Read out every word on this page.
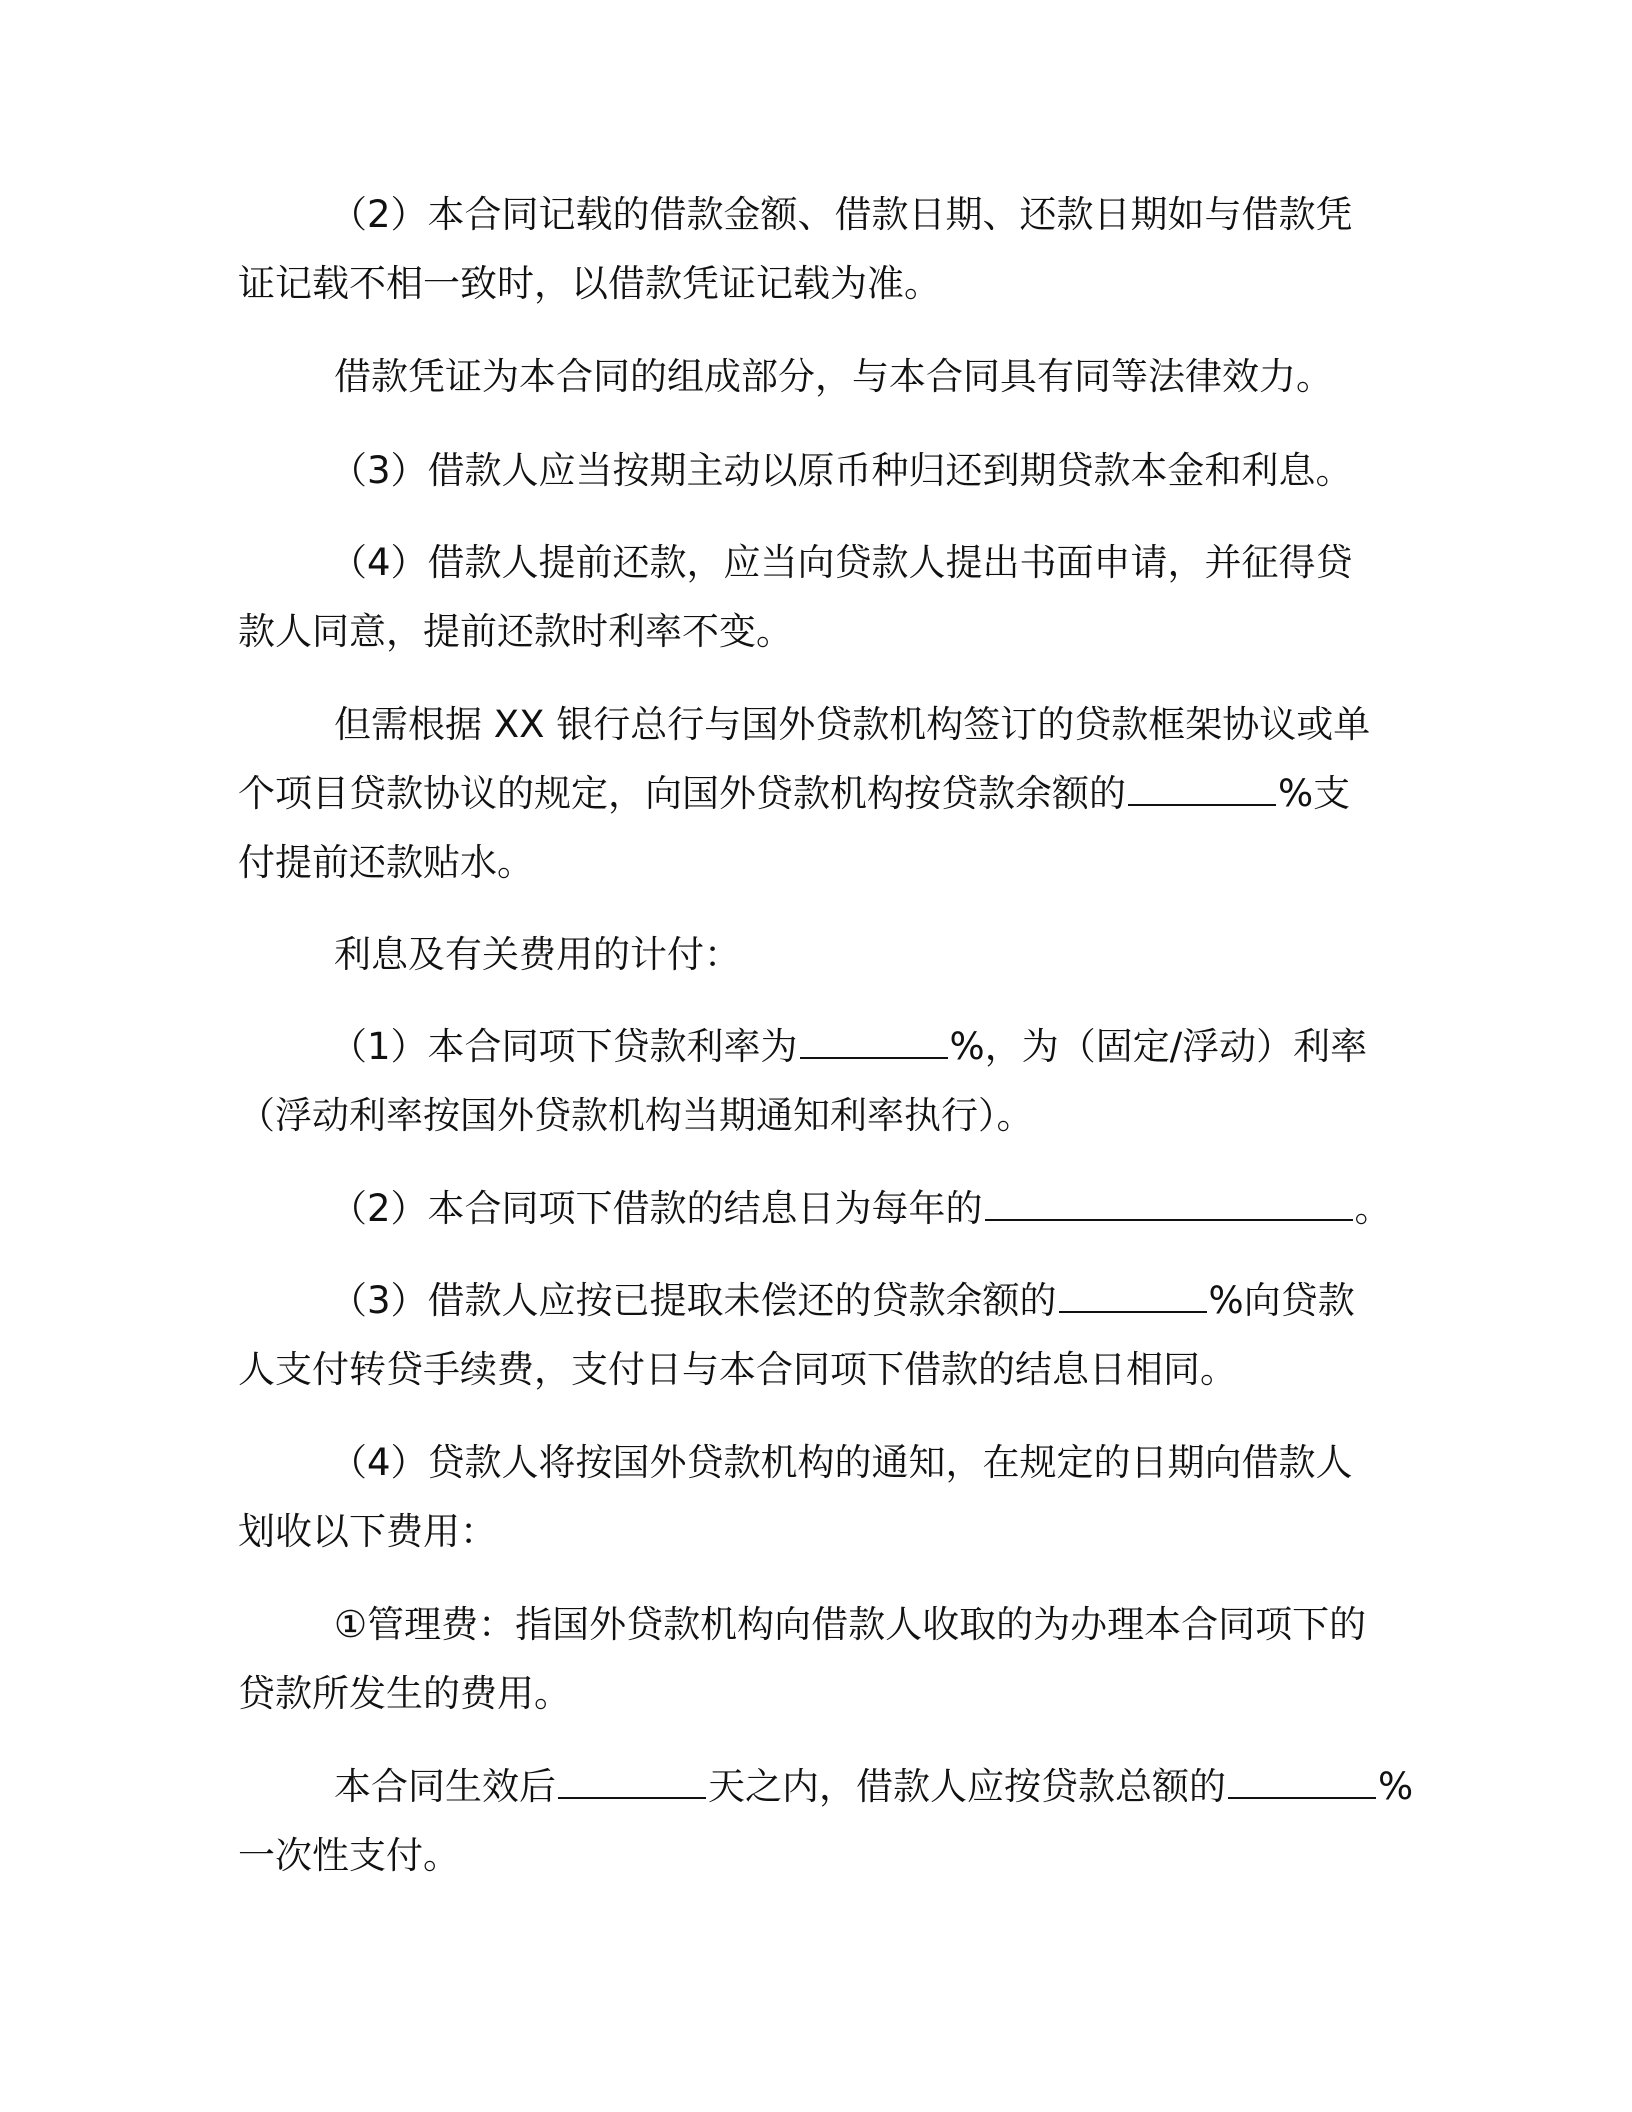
（2）本合同记载的借款金额、借款日期、还款日期如与借款凭
证记载不相一致时，以借款凭证记载为准。
借款凭证为本合同的组成部分，与本合同具有同等法律效力。
（3）借款人应当按期主动以原币种归还到期贷款本金和利息。
（4）借款人提前还款，应当向贷款人提出书面申请，并征得贷
款人同意，提前还款时利率不变。
但需根据 XX 银行总行与国外贷款机构签订的贷款框架协议或单
个项目贷款协议的规定，向国外贷款机构按贷款余额的	%支
付提前还款贴水。
利息及有关费用的计付：
（1）本合同项下贷款利率为	%，为（固定/浮动）利率
（浮动利率按国外贷款机构当期通知利率执行）。
（2）本合同项下借款的结息日为每年的	。
（3）借款人应按已提取未偿还的贷款余额的	%向贷款
人支付转贷手续费，支付日与本合同项下借款的结息日相同。
（4）贷款人将按国外贷款机构的通知，在规定的日期向借款人
划收以下费用：
①管理费：指国外贷款机构向借款人收取的为办理本合同项下的
贷款所发生的费用。
本合同生效后	天之内，借款人应按贷款总额的	%
一次性支付。
